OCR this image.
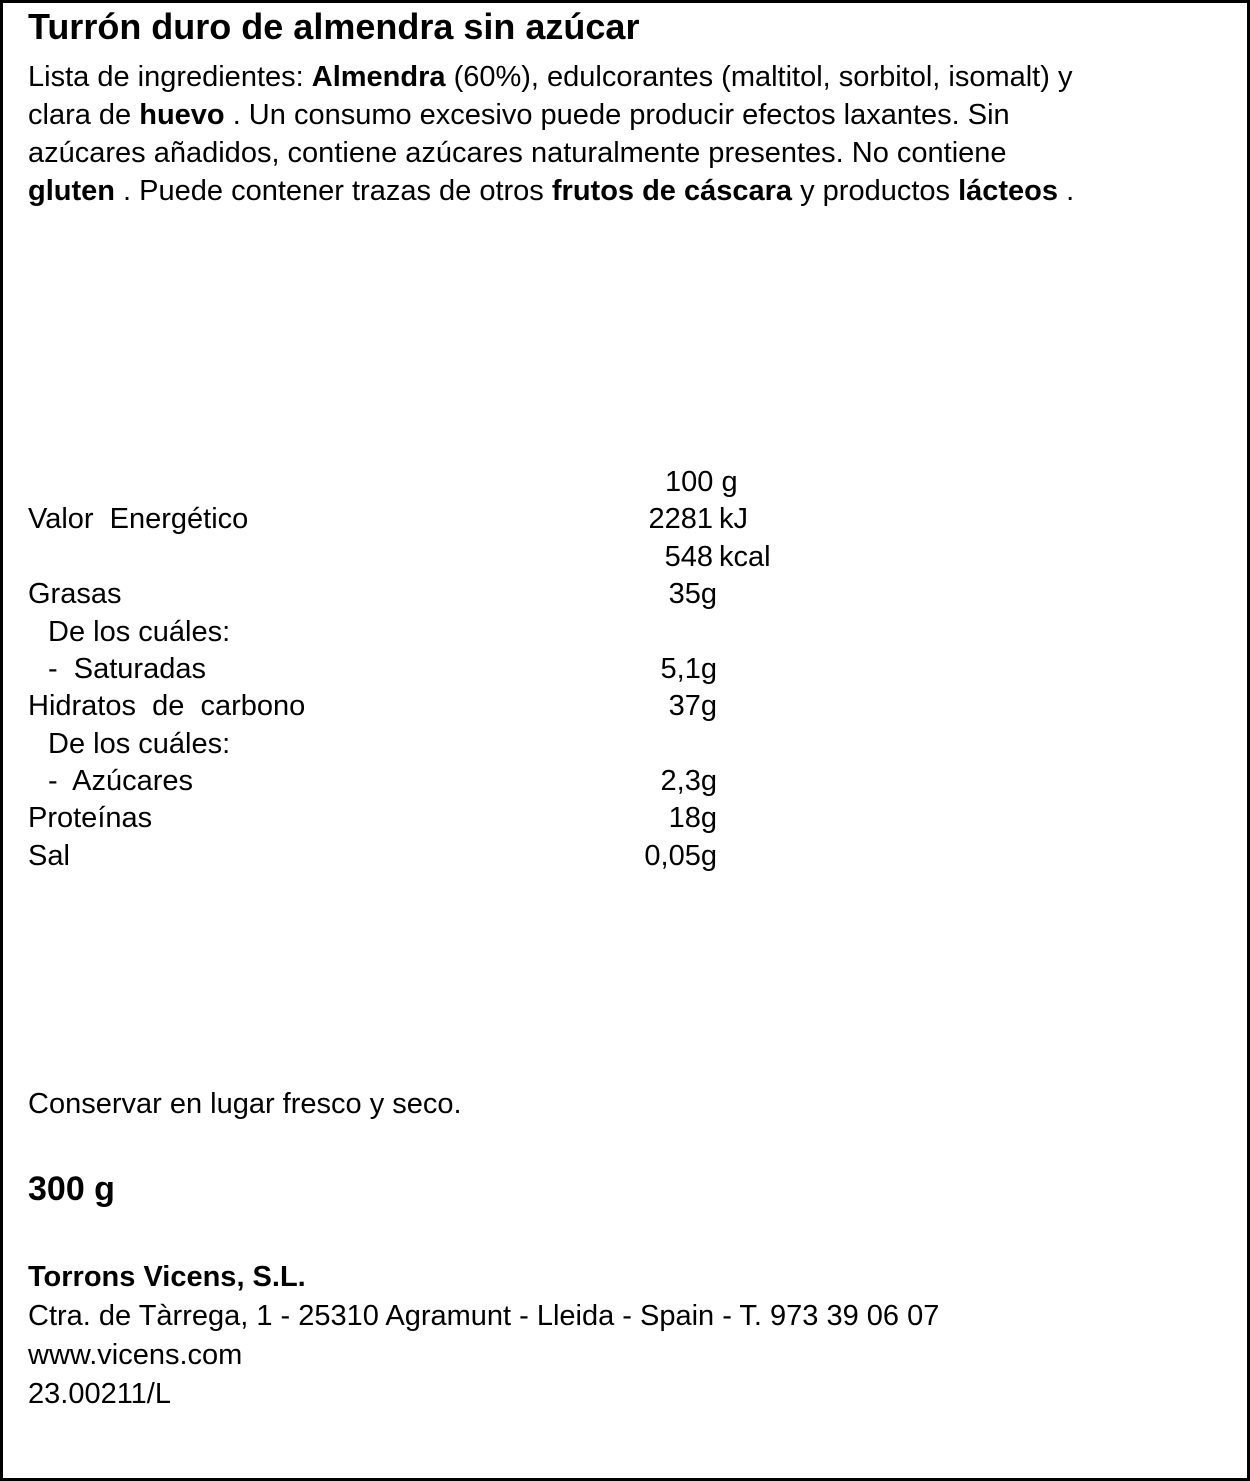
Turrón duro de almendra sin azúcar
Lista de ingredientes: Almendra (60%), edulcorantes (maltitol, sorbitol, isomalt) y
clara de huevo . Un consumo excesivo puede producir efectos laxantes. Sin
azúcares añadidos, contiene azúcares naturalmente presentes. No contiene
gluten . Puede contener trazas de otros frutos de cáscara y productos lácteos .
100 g
Valor  Energético	2281 kJ
548 kcal
Grasas	35g
De los cuáles:
-  Saturadas	5,1g
Hidratos  de  carbono	37g
De los cuáles:
-  Azúcares	2,3g
Proteínas	18g
Sal	0,05g

Conservar en lugar fresco y seco.

300 g

Torrons Vicens, S.L.

Ctra. de Tàrrega, 1 - 25310 Agramunt - Lleida - Spain - T. 973 39 06 07

www.vicens.com

23.00211/L
